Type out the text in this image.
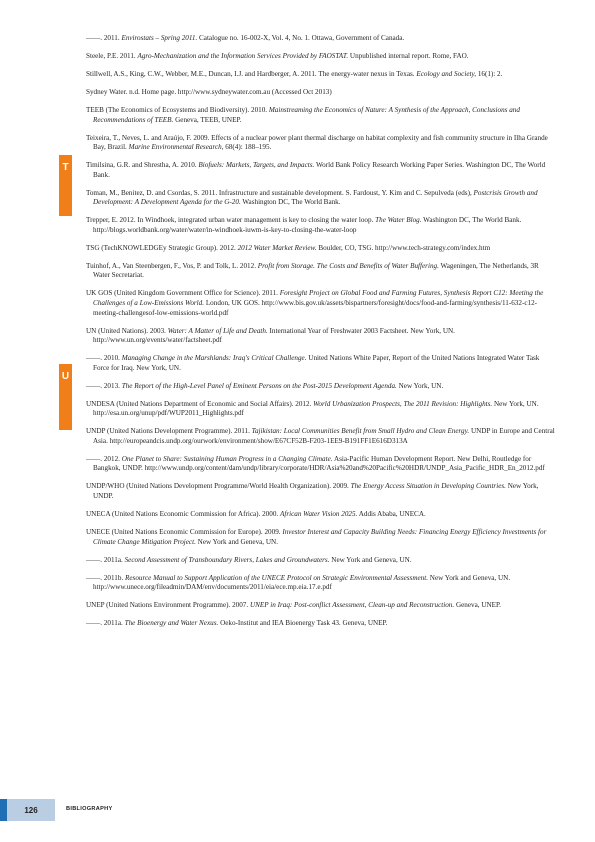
T
U

——. 2011. Envirostats – Spring 2011. Catalogue no. 16-002-X, Vol. 4, No. 1. Ottawa, Government of Canada.

Steele, P.E. 2011. Agro-Mechanization and the Information Services Provided by FAOSTAT. Unpublished internal report. Rome, FAO.

Stillwell, A.S., King, C.W., Webber, M.E., Duncan, I.J. and Hardberger, A. 2011. The energy-water nexus in Texas. Ecology and Society, 16(1): 2.

Sydney Water. n.d. Home page. http://www.sydneywater.com.au (Accessed Oct 2013)

TEEB (The Economics of Ecosystems and Biodiversity). 2010. Mainstreaming the Economics of Nature: A Synthesis of the Approach, Conclusions and Recommendations of TEEB. Geneva, TEEB, UNEP.

Teixeira, T., Neves, L. and Araújo, F. 2009. Effects of a nuclear power plant thermal discharge on habitat complexity and fish community structure in Ilha Grande Bay, Brazil. Marine Environmental Research, 68(4): 188–195.

Timilsina, G.R. and Shrestha, A. 2010. Biofuels: Markets, Targets, and Impacts. World Bank Policy Research Working Paper Series. Washington DC, The World Bank.

Toman, M., Benitez, D. and Csordas, S. 2011. Infrastructure and sustainable development. S. Fardoust, Y. Kim and C. Sepulveda (eds), Postcrisis Growth and Development: A Development Agenda for the G-20. Washington DC, The World Bank.

Trepper, E. 2012. In Windhoek, integrated urban water management is key to closing the water loop. The Water Blog. Washington DC, The World Bank. http://blogs.worldbank.org/water/water/in-windhoek-iuwm-is-key-to-closing-the-water-loop

TSG (TechKNOWLEDGEy Strategic Group). 2012. 2012 Water Market Review. Boulder, CO, TSG. http://www.tech-strategy.com/index.htm

Tuinhof, A., Van Steenbergen, F., Vos, P. and Tolk, L. 2012. Profit from Storage. The Costs and Benefits of Water Buffering. Wageningen, The Netherlands, 3R Water Secretariat.

UK GOS (United Kingdom Government Office for Science). 2011. Foresight Project on Global Food and Farming Futures, Synthesis Report C12: Meeting the Challenges of a Low-Emissions World. London, UK GOS. http://www.bis.gov.uk/assets/bispartners/foresight/docs/food-and-farming/synthesis/11-632-c12-meeting-challengesof-low-emissions-world.pdf

UN (United Nations). 2003. Water: A Matter of Life and Death. International Year of Freshwater 2003 Factsheet. New York, UN. http://www.un.org/events/water/factsheet.pdf

——. 2010. Managing Change in the Marshlands: Iraq's Critical Challenge. United Nations White Paper, Report of the United Nations Integrated Water Task Force for Iraq. New York, UN.

——. 2013. The Report of the High-Level Panel of Eminent Persons on the Post-2015 Development Agenda. New York, UN.

UNDESA (United Nations Department of Economic and Social Affairs). 2012. World Urbanization Prospects, The 2011 Revision: Highlights. New York, UN. http://esa.un.org/unup/pdf/WUP2011_Highlights.pdf

UNDP (United Nations Development Programme). 2011. Tajikistan: Local Communities Benefit from Small Hydro and Clean Energy. UNDP in Europe and Central Asia. http://europeandcis.undp.org/ourwork/environment/show/E67CF52B-F203-1EE9-B191FF1E616D313A

——. 2012. One Planet to Share: Sustaining Human Progress in a Changing Climate. Asia-Pacific Human Development Report. New Delhi, Routledge for Bangkok, UNDP. http://www.undp.org/content/dam/undp/library/corporate/HDR/Asia%20and%20Pacific%20HDR/UNDP_Asia_Pacific_HDR_En_2012.pdf

UNDP/WHO (United Nations Development Programme/World Health Organization). 2009. The Energy Access Situation in Developing Countries. New York, UNDP.

UNECA (United Nations Economic Commission for Africa). 2000. African Water Vision 2025. Addis Ababa, UNECA.

UNECE (United Nations Economic Commission for Europe). 2009. Investor Interest and Capacity Building Needs: Financing Energy Efficiency Investments for Climate Change Mitigation Project. New York and Geneva, UN.

——. 2011a. Second Assessment of Transboundary Rivers, Lakes and Groundwaters. New York and Geneva, UN.

——. 2011b. Resource Manual to Support Application of the UNECE Protocol on Strategic Environmental Assessment. New York and Geneva, UN. http://www.unece.org/fileadmin/DAM/env/documents/2011/eia/ece.mp.eia.17.e.pdf

UNEP (United Nations Environment Programme). 2007. UNEP in Iraq: Post-conflict Assessment, Clean-up and Reconstruction. Geneva, UNEP.

——. 2011a. The Bioenergy and Water Nexus. Oeko-Institut and IEA Bioenergy Task 43. Geneva, UNEP.

126	BIBLIOGRAPHY
